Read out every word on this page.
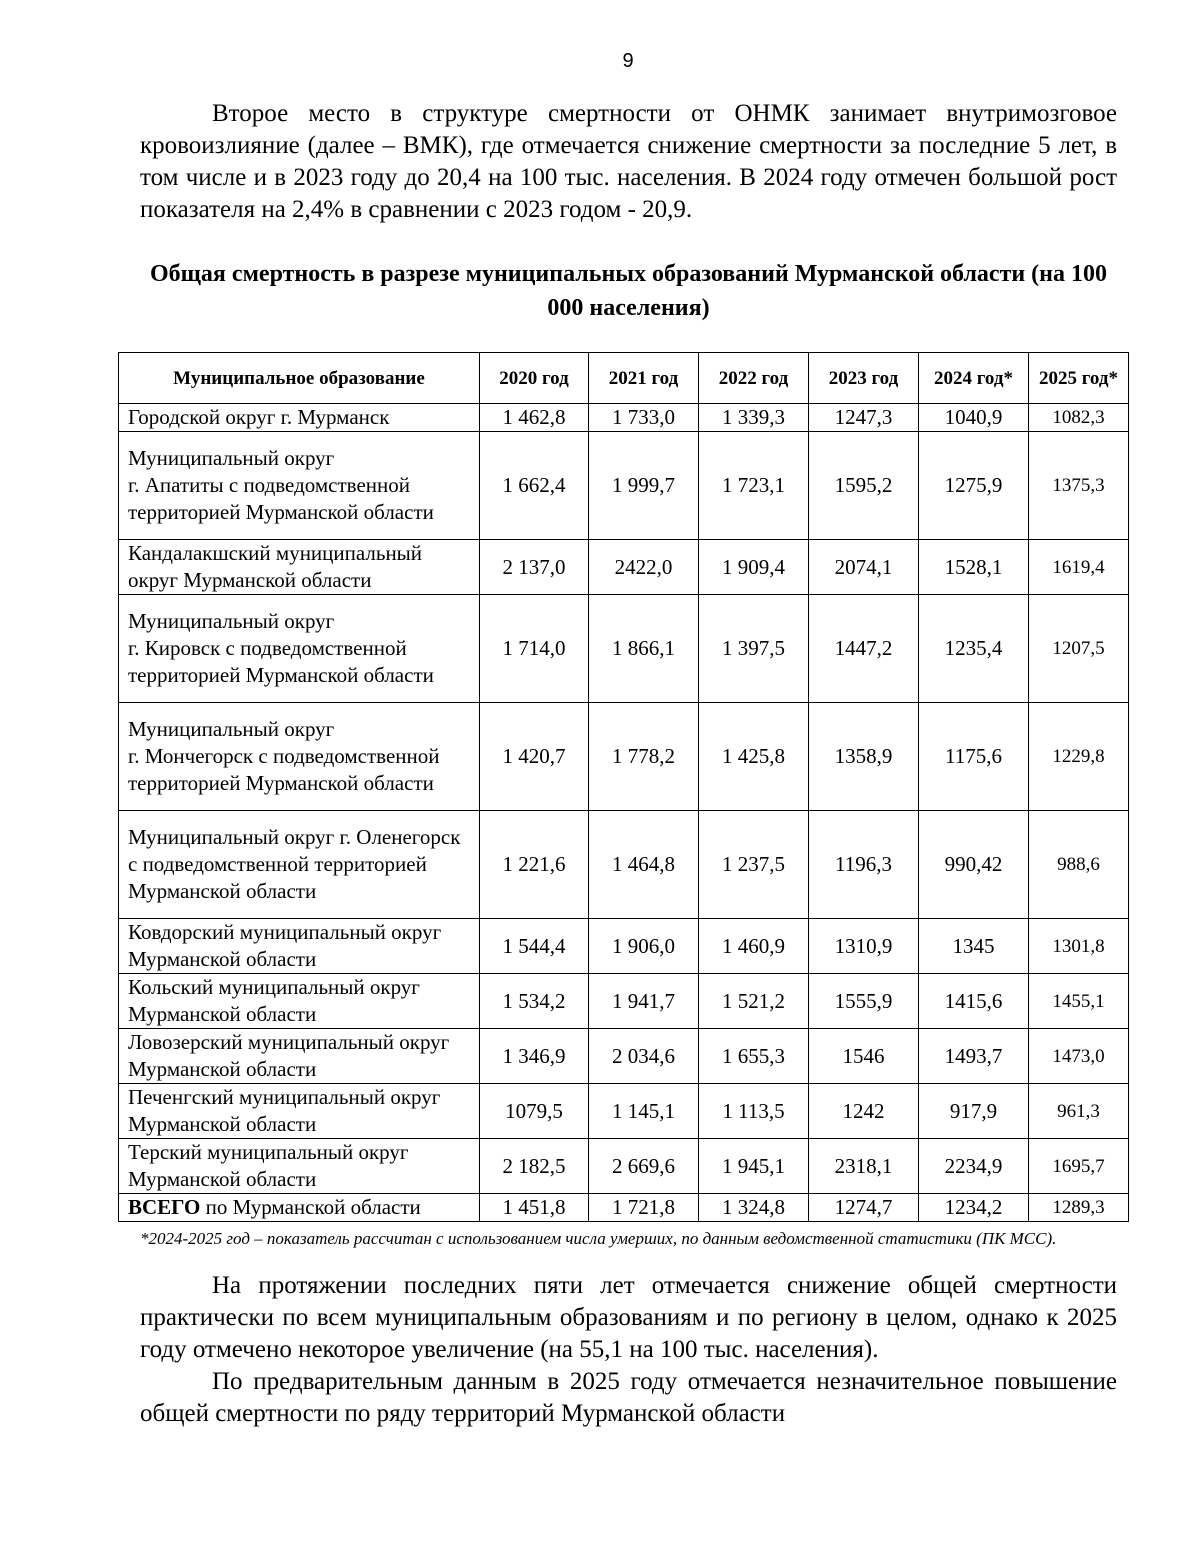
9
Второе место в структуре смертности от ОНМК занимает внутримозговое кровоизлияние (далее – ВМК), где отмечается снижение смертности за последние 5 лет, в том числе и в 2023 году до 20,4 на 100 тыс. населения. В 2024 году отмечен большой рост показателя на 2,4% в сравнении с 2023 годом - 20,9.
Общая смертность в разрезе муниципальных образований Мурманской области (на 100 000 населения)
Муниципальное образование	2020 год	2021 год	2022 год	2023 год	2024 год*	2025 год*
Городской округ г. Мурманск	1 462,8	1 733,0	1 339,3	1247,3	1040,9	1082,3
Муниципальный округ
г. Апатиты с подведомственной территорией Мурманской области	1 662,4	1 999,7	1 723,1	1595,2	1275,9	1375,3
Кандалакшский муниципальный округ Мурманской области	2 137,0	2422,0	1 909,4	2074,1	1528,1	1619,4
Муниципальный округ
г. Кировск с подведомственной территорией Мурманской области	1 714,0	1 866,1	1 397,5	1447,2	1235,4	1207,5
Муниципальный округ
г. Мончегорск с подведомственной территорией Мурманской области	1 420,7	1 778,2	1 425,8	1358,9	1175,6	1229,8
Муниципальный округ г. Оленегорск с подведомственной территорией Мурманской области	1 221,6	1 464,8	1 237,5	1196,3	990,42	988,6
Ковдорский муниципальный округ Мурманской области	1 544,4	1 906,0	1 460,9	1310,9	1345	1301,8
Кольский муниципальный округ Мурманской области	1 534,2	1 941,7	1 521,2	1555,9	1415,6	1455,1
Ловозерский муниципальный округ Мурманской области	1 346,9	2 034,6	1 655,3	1546	1493,7	1473,0
Печенгский муниципальный округ Мурманской области	1079,5	1 145,1	1 113,5	1242	917,9	961,3
Терский муниципальный округ Мурманской области	2 182,5	2 669,6	1 945,1	2318,1	2234,9	1695,7
ВСЕГО по Мурманской области	1 451,8	1 721,8	1 324,8	1274,7	1234,2	1289,3
*2024-2025 год – показатель рассчитан с использованием числа умерших, по данным ведомственной статистики (ПК МСС).
На протяжении последних пяти лет отмечается снижение общей смертности практически по всем муниципальным образованиям и по региону в целом, однако к 2025 году отмечено некоторое увеличение (на 55,1 на 100 тыс. населения).
По предварительным данным в 2025 году отмечается незначительное повышение общей смертности по ряду территорий Мурманской области
